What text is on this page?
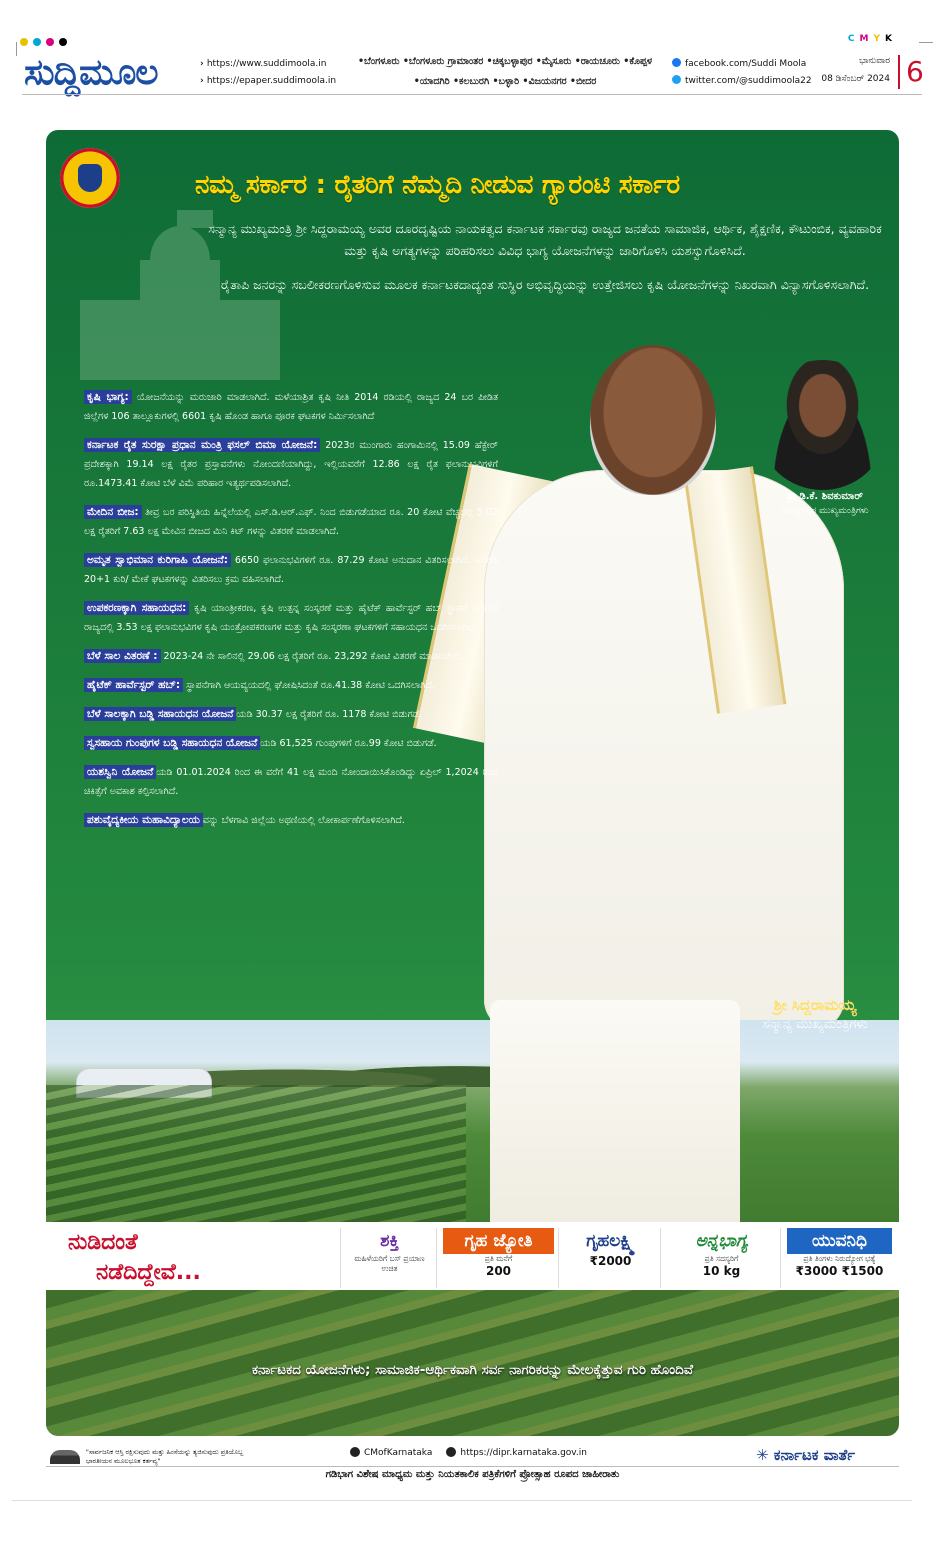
CMYK
ಸುದ್ದಿಮೂಲ	› https://www.suddimoola.in
› https://epaper.suddimoola.in
•ಬೆಂಗಳೂರು •ಬೆಂಗಳೂರು ಗ್ರಾಮಾಂತರ •ಚಿಕ್ಕಬಳ್ಳಾಪುರ •ಮೈಸೂರು •ರಾಯಚೂರು •ಕೊಪ್ಪಳ •ಯಾದಗಿರಿ •ಕಲಬುರಗಿ •ಬಳ್ಳಾರಿ •ವಿಜಯನಗರ •ಬೀದರ
facebook.com/Suddi Moola
twitter.com/@suddimoola22
ಭಾನುವಾರ
08 ಡಿಸೆಂಬರ್ 2024 6
ನಮ್ಮ ಸರ್ಕಾರ : ರೈತರಿಗೆ ನೆಮ್ಮದಿ ನೀಡುವ ಗ್ಯಾರಂಟಿ ಸರ್ಕಾರ

ಸನ್ಮಾನ್ಯ ಮುಖ್ಯಮಂತ್ರಿ ಶ್ರೀ ಸಿದ್ದರಾಮಯ್ಯ ಅವರ ದೂರದೃಷ್ಟಿಯ ನಾಯಕತ್ವದ ಕರ್ನಾಟಕ ಸರ್ಕಾರವು ರಾಜ್ಯದ ಜನತೆಯ ಸಾಮಾಜಿಕ, ಆರ್ಥಿಕ, ಶೈಕ್ಷಣಿಕ, ಕೌಟುಂಬಿಕ, ವ್ಯವಹಾರಿಕ ಮತ್ತು ಕೃಷಿ ಅಗತ್ಯಗಳನ್ನು ಪರಿಹರಿಸಲು ವಿವಿಧ ಭಾಗ್ಯ ಯೋಜನೆಗಳನ್ನು ಜಾರಿಗೊಳಿಸಿ ಯಶಸ್ವುಗೊಳಿಸಿದೆ.

ರೈತಾಪಿ ಜನರನ್ನು ಸಬಲೀಕರಣಗೊಳಿಸುವ ಮೂಲಕ ಕರ್ನಾಟಕದಾದ್ಯಂತ ಸುಸ್ಥಿರ ಅಭಿವೃದ್ಧಿಯನ್ನು ಉತ್ತೇಜಿಸಲು ಕೃಷಿ ಯೋಜನೆಗಳನ್ನು ನಿಖರವಾಗಿ ವಿನ್ಯಾಸಗೊಳಿಸಲಾಗಿದೆ.

ಶ್ರೀ ಡಿ.ಕೆ. ಶಿವಕುಮಾರ್
ಮಾನ್ಯ ಉಪ ಮುಖ್ಯಮಂತ್ರಿಗಳು
ಶ್ರೀ ಸಿದ್ದರಾಮಯ್ಯ
ಸನ್ಮಾನ್ಯ ಮುಖ್ಯಮಂತ್ರಿಗಳು
ಕೃಷಿ ಭಾಗ್ಯ: ಯೋಜನೆಯನ್ನು ಮರುಜಾರಿ ಮಾಡಲಾಗಿದೆ. ಮಳೆಯಾಶ್ರಿತ ಕೃಷಿ ನೀತಿ 2014 ರಡಿಯಲ್ಲಿ ರಾಜ್ಯದ 24 ಬರ ಪೀಡಿತ ಜಿಲ್ಲೆಗಳ 106 ತಾಲ್ಲೂಕುಗಳಲ್ಲಿ 6601 ಕೃಷಿ ಹೊಂಡ ಹಾಗೂ ಪೂರಕ ಘಟಕಗಳ ನಿರ್ಮಿಸಲಾಗಿದೆ
ಕರ್ನಾಟಕ ರೈತ ಸುರಕ್ಷಾ ಪ್ರಧಾನ ಮಂತ್ರಿ ಫಸಲ್ ಬಿಮಾ ಯೋಜನೆ: 2023ರ ಮುಂಗಾರು ಹಂಗಾಮಿನಲ್ಲಿ 15.09 ಹೆಕ್ಟೇರ್ ಪ್ರದೇಶಕ್ಕಾಗಿ 19.14 ಲಕ್ಷ ರೈತರ ಪ್ರಸ್ತಾವನೆಗಳು ನೋಂದಣಿಯಾಗಿದ್ದು, ಇಲ್ಲಿಯವರೆಗೆ 12.86 ಲಕ್ಷ ರೈತ ಫಲಾನುಭವಿಗಳಿಗೆ ರೂ.1473.41 ಕೋಟಿ ಬೆಳೆ ವಿಮೆ ಪರಿಹಾರ ಇತ್ಯರ್ಥಪಡಿಸಲಾಗಿದೆ.
ಮೇದಿನ ಬೀಜ: ತೀವ್ರ ಬರ ಪರಿಸ್ಥಿತಿಯ ಹಿನ್ನೆಲೆಯಲ್ಲಿ ಎಸ್.ಡಿ.ಆರ್.ಎಫ್. ನಿಂದ ಬಿಡುಗಡೆಯಾದ ರೂ. 20 ಕೋಟಿ ವೆಚ್ಚದಲ್ಲಿ 5.02 ಲಕ್ಷ ರೈತರಿಗೆ 7.63 ಲಕ್ಷ ಮೇವಿನ ಬೀಜದ ಮಿನಿ ಕಿಟ್ ಗಳನ್ನು ವಿತರಣೆ ಮಾಡಲಾಗಿದೆ.
ಅಮೃತ ಸ್ವಾಭಿಮಾನ ಕುರಿಗಾಹಿ ಯೋಜನೆ: 6650 ಫಲಾನುಭವಿಗಳಿಗೆ ರೂ. 87.29 ಕೋಟಿ ಅನುದಾನ ವಿತರಿಸಲಾಗಿದೆ. ಇದರಡಿ 20+1 ಕುರಿ/ ಮೇಕೆ ಘಟಕಗಳನ್ನು ವಿತರಿಸಲು ಕ್ರಮ ವಹಿಸಲಾಗಿದೆ.
ಉಪಕರಣಕ್ಕಾಗಿ ಸಹಾಯಧನ: ಕೃಷಿ ಯಾಂತ್ರೀಕರಣ, ಕೃಷಿ ಉತ್ಪನ್ನ ಸಂಸ್ಕರಣೆ ಮತ್ತು ಹೈಟೆಕ್ ಹಾರ್ವೆಸ್ಟರ್ ಹಬ್ ಸ್ಥಾಪನೆ ಮೂಲಕ ರಾಜ್ಯದಲ್ಲಿ 3.53 ಲಕ್ಷ ಫಲಾನುಭವಿಗಳ ಕೃಷಿ ಯಂತ್ರೋಪಕರಣಗಳ ಮತ್ತು ಕೃಷಿ ಸಂಸ್ಕರಣಾ ಘಟಕಗಳಿಗೆ ಸಹಾಯಧನ ಒದಗಿಸಲಾಗಿದೆ.
ಬೆಳೆ ಸಾಲ ವಿತರಣೆ : 2023-24 ನೇ ಸಾಲಿನಲ್ಲಿ 29.06 ಲಕ್ಷ ರೈತರಿಗೆ ರೂ. 23,292 ಕೋಟಿ ವಿತರಣೆ ಮಾಡಲಾಗಿದೆ.
ಹೈಟೆಕ್ ಹಾರ್ವೆಸ್ಟರ್ ಹಬ್: ಸ್ಥಾಪನೆಗಾಗಿ ಆಯವ್ಯಯದಲ್ಲಿ ಘೋಷಿಸಿದಂತೆ ರೂ.41.38 ಕೋಟಿ ಒದಗಿಸಲಾಗಿದೆ.
ಬೆಳೆ ಸಾಲಕ್ಕಾಗಿ ಬಡ್ಡಿ ಸಹಾಯಧನ ಯೋಜನೆ ಯಡಿ 30.37 ಲಕ್ಷ ರೈತರಿಗೆ ರೂ. 1178 ಕೋಟಿ ಬಿಡುಗಡೆ.
ಸ್ವಸಹಾಯ ಗುಂಪುಗಳ ಬಡ್ಡಿ ಸಹಾಯಧನ ಯೋಜನೆ ಯಡಿ 61,525 ಗುಂಪುಗಳಿಗೆ ರೂ.99 ಕೋಟಿ ಬಿಡುಗಡೆ.
ಯಶಸ್ವಿನಿ ಯೋಜನೆ ಯಡಿ 01.01.2024 ರಿಂದ ಈ ವರೆಗೆ 41 ಲಕ್ಷ ಮಂದಿ ನೋಂದಾಯಿಸಿಕೊಂಡಿದ್ದು ಏಪ್ರಿಲ್ 1,2024 ರಿಂದ ಚಿಕಿತ್ಸೆಗೆ ಅವಕಾಶ ಕಲ್ಪಿಸಲಾಗಿದೆ.
ಪಶುವೈದ್ಯಕೀಯ ಮಹಾವಿದ್ಯಾಲಯ ವನ್ನು ಬೆಳಗಾವಿ ಜಿಲ್ಲೆಯ ಅಥಣಿಯಲ್ಲಿ ಲೋಕಾರ್ಪಣೆಗೊಳಿಸಲಾಗಿದೆ.
ನುಡಿದಂತೆ
ನಡೆದಿದ್ದೇವೆ...
ಶಕ್ತಿ
ಮಹಿಳೆಯರಿಗೆ ಬಸ್ ಪ್ರಯಾಣ ಉಚಿತ
ಗೃಹ ಜ್ಯೋತಿ
ಪ್ರತಿ ಮನೆಗೆ
200
ಗೃಹಲಕ್ಷ್ಮಿ
₹2000
ಅನ್ನಭಾಗ್ಯ
ಪ್ರತಿ ಸದಸ್ಯರಿಗೆ
10 kg
ಯುವನಿಧಿ
ಪ್ರತಿ ತಿಂಗಳು ನಿರುದ್ಯೋಗ ಭತ್ಯೆ
₹3000 ₹1500
ಕರ್ನಾಟಕದ ಯೋಜನೆಗಳು; ಸಾಮಾಜಿಕ-ಆರ್ಥಿಕವಾಗಿ ಸರ್ವ ನಾಗರಿಕರನ್ನು ಮೇಲಕ್ಕೆತ್ತುವ ಗುರಿ ಹೊಂದಿವೆ
"ಸಾರ್ವಜನಿಕ ಆಸ್ತಿ ರಕ್ಷಿಸುವುದು ಮತ್ತು ಹಿಂಸೆಯನ್ನು ತ್ಯಜಿಸುವುದು ಪ್ರತಿಯೊಬ್ಬ ಭಾರತೀಯನ ಮೂಲಭೂತ ಕರ್ತವ್ಯ"
CMofKarnataka	https://dipr.karnataka.gov.in	✳ ಕರ್ನಾಟಕ ವಾರ್ತೆ
ಗಡಿಭಾಗ ವಿಶೇಷ ಮಾಧ್ಯಮ ಮತ್ತು ನಿಯತಕಾಲಿಕ ಪತ್ರಿಕೆಗಳಿಗೆ ಪ್ರೋತ್ಸಾಹ ರೂಪದ ಜಾಹೀರಾತು
